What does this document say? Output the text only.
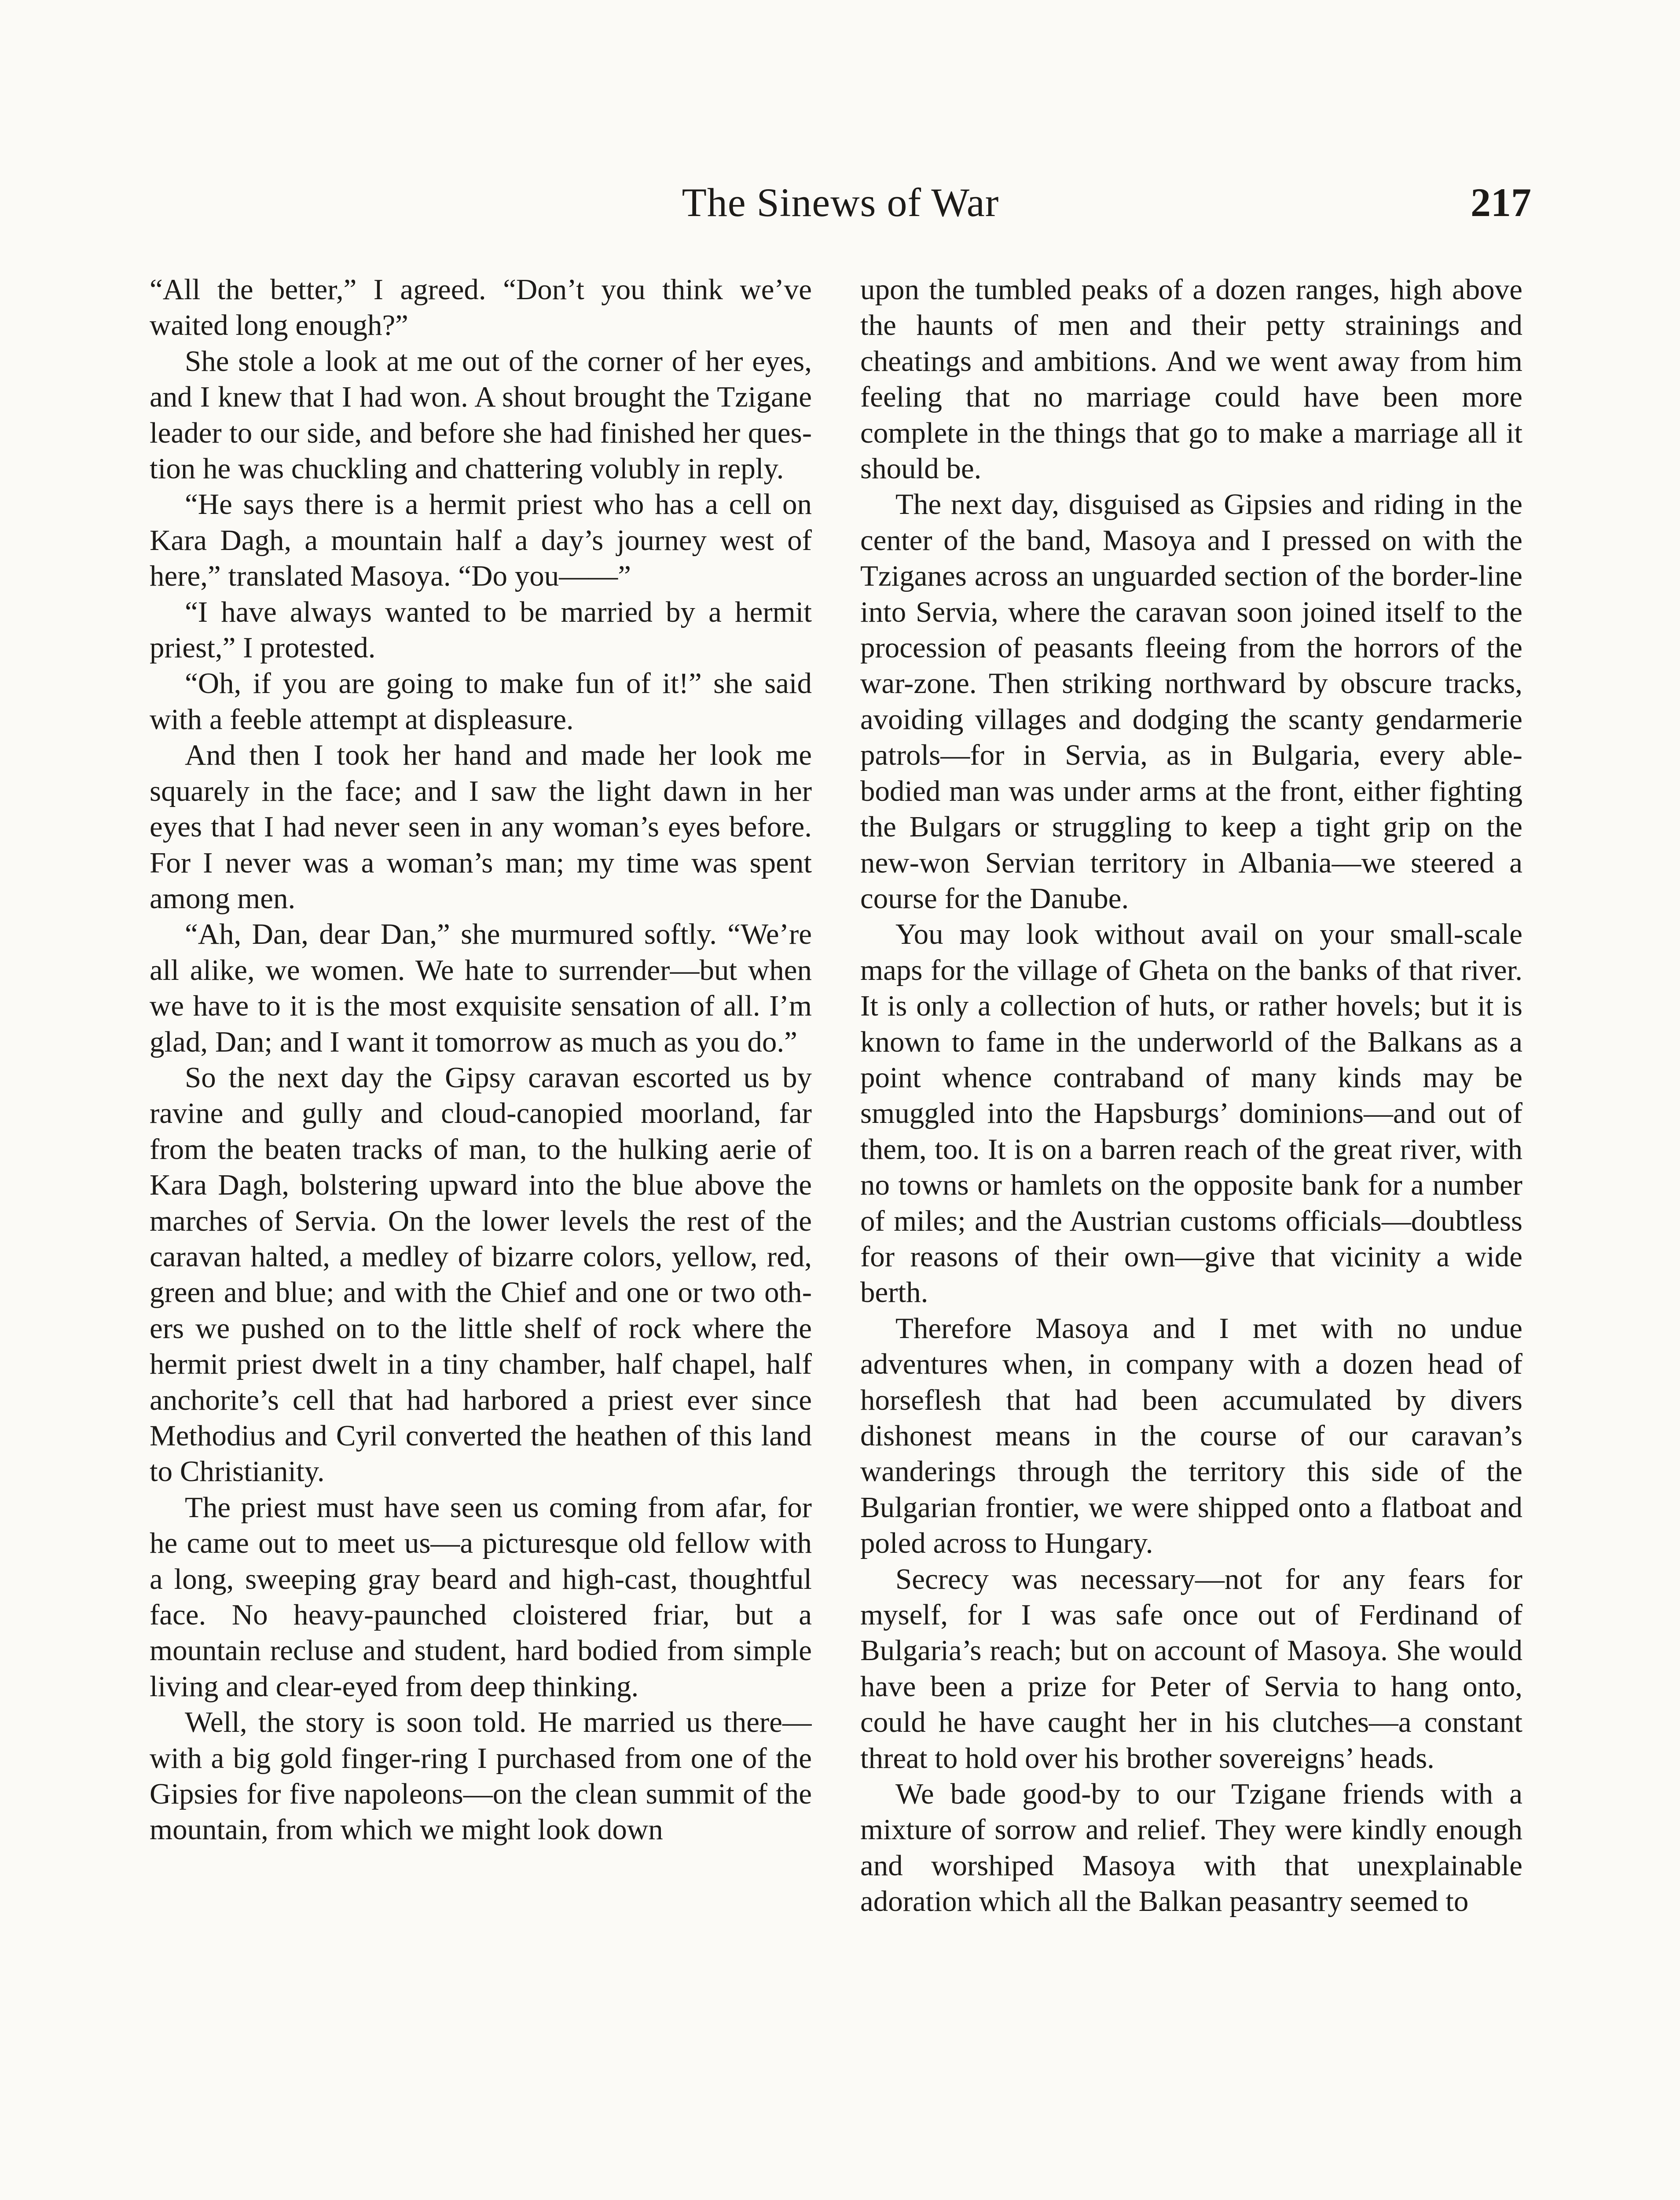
The Sinews of War	217

“All the better,” I agreed. “Don’t you think we’ve waited long enough?”

She stole a look at me out of the corner of her eyes, and I knew that I had won. A shout brought the Tzigane leader to our side, and before she had finished her question he was chuckling and chattering volubly in reply.

“He says there is a hermit priest who has a cell on Kara Dagh, a mountain half a day’s journey west of here,” translated Masoya. “Do you——”

“I have always wanted to be married by a hermit priest,” I protested.

“Oh, if you are going to make fun of it!” she said with a feeble attempt at displeasure.

And then I took her hand and made her look me squarely in the face; and I saw the light dawn in her eyes that I had never seen in any woman’s eyes before. For I never was a woman’s man; my time was spent among men.

“Ah, Dan, dear Dan,” she murmured softly. “We’re all alike, we women. We hate to surrender—but when we have to it is the most exquisite sensation of all. I’m glad, Dan; and I want it tomorrow as much as you do.”

So the next day the Gipsy caravan escorted us by ravine and gully and cloud-canopied moorland, far from the beaten tracks of man, to the hulking aerie of Kara Dagh, bolstering upward into the blue above the marches of Servia. On the lower levels the rest of the caravan halted, a medley of bizarre colors, yellow, red, green and blue; and with the Chief and one or two others we pushed on to the little shelf of rock where the hermit priest dwelt in a tiny chamber, half chapel, half anchorite’s cell that had harbored a priest ever since Methodius and Cyril converted the heathen of this land to Christianity.

The priest must have seen us coming from afar, for he came out to meet us—a picturesque old fellow with a long, sweeping gray beard and high-cast, thoughtful face. No heavy-paunched cloistered friar, but a mountain recluse and student, hard bodied from simple living and clear-eyed from deep thinking.

Well, the story is soon told. He married us there—with a big gold finger-ring I purchased from one of the Gipsies for five napoleons—on the clean summit of the mountain, from which we might look down

upon the tumbled peaks of a dozen ranges, high above the haunts of men and their petty strainings and cheatings and ambitions. And we went away from him feeling that no marriage could have been more complete in the things that go to make a marriage all it should be.

The next day, disguised as Gipsies and riding in the center of the band, Masoya and I pressed on with the Tziganes across an unguarded section of the border-line into Servia, where the caravan soon joined itself to the procession of peasants fleeing from the horrors of the war-zone. Then striking northward by obscure tracks, avoiding villages and dodging the scanty gendarmerie patrols—for in Servia, as in Bulgaria, every able-bodied man was under arms at the front, either fighting the Bulgars or struggling to keep a tight grip on the new-won Servian territory in Albania—we steered a course for the Danube.

You may look without avail on your small-scale maps for the village of Gheta on the banks of that river. It is only a collection of huts, or rather hovels; but it is known to fame in the underworld of the Balkans as a point whence contraband of many kinds may be smuggled into the Hapsburgs’ dominions—and out of them, too. It is on a barren reach of the great river, with no towns or hamlets on the opposite bank for a number of miles; and the Austrian customs officials—doubtless for reasons of their own—give that vicinity a wide berth.

Therefore Masoya and I met with no undue adventures when, in company with a dozen head of horseflesh that had been accumulated by divers dishonest means in the course of our caravan’s wanderings through the territory this side of the Bulgarian frontier, we were shipped onto a flatboat and poled across to Hungary.

Secrecy was necessary—not for any fears for myself, for I was safe once out of Ferdinand of Bulgaria’s reach; but on account of Masoya. She would have been a prize for Peter of Servia to hang onto, could he have caught her in his clutches—a constant threat to hold over his brother sovereigns’ heads.

We bade good-by to our Tzigane friends with a mixture of sorrow and relief. They were kindly enough and worshiped Masoya with that unexplainable adoration which all the Balkan peasantry seemed to
